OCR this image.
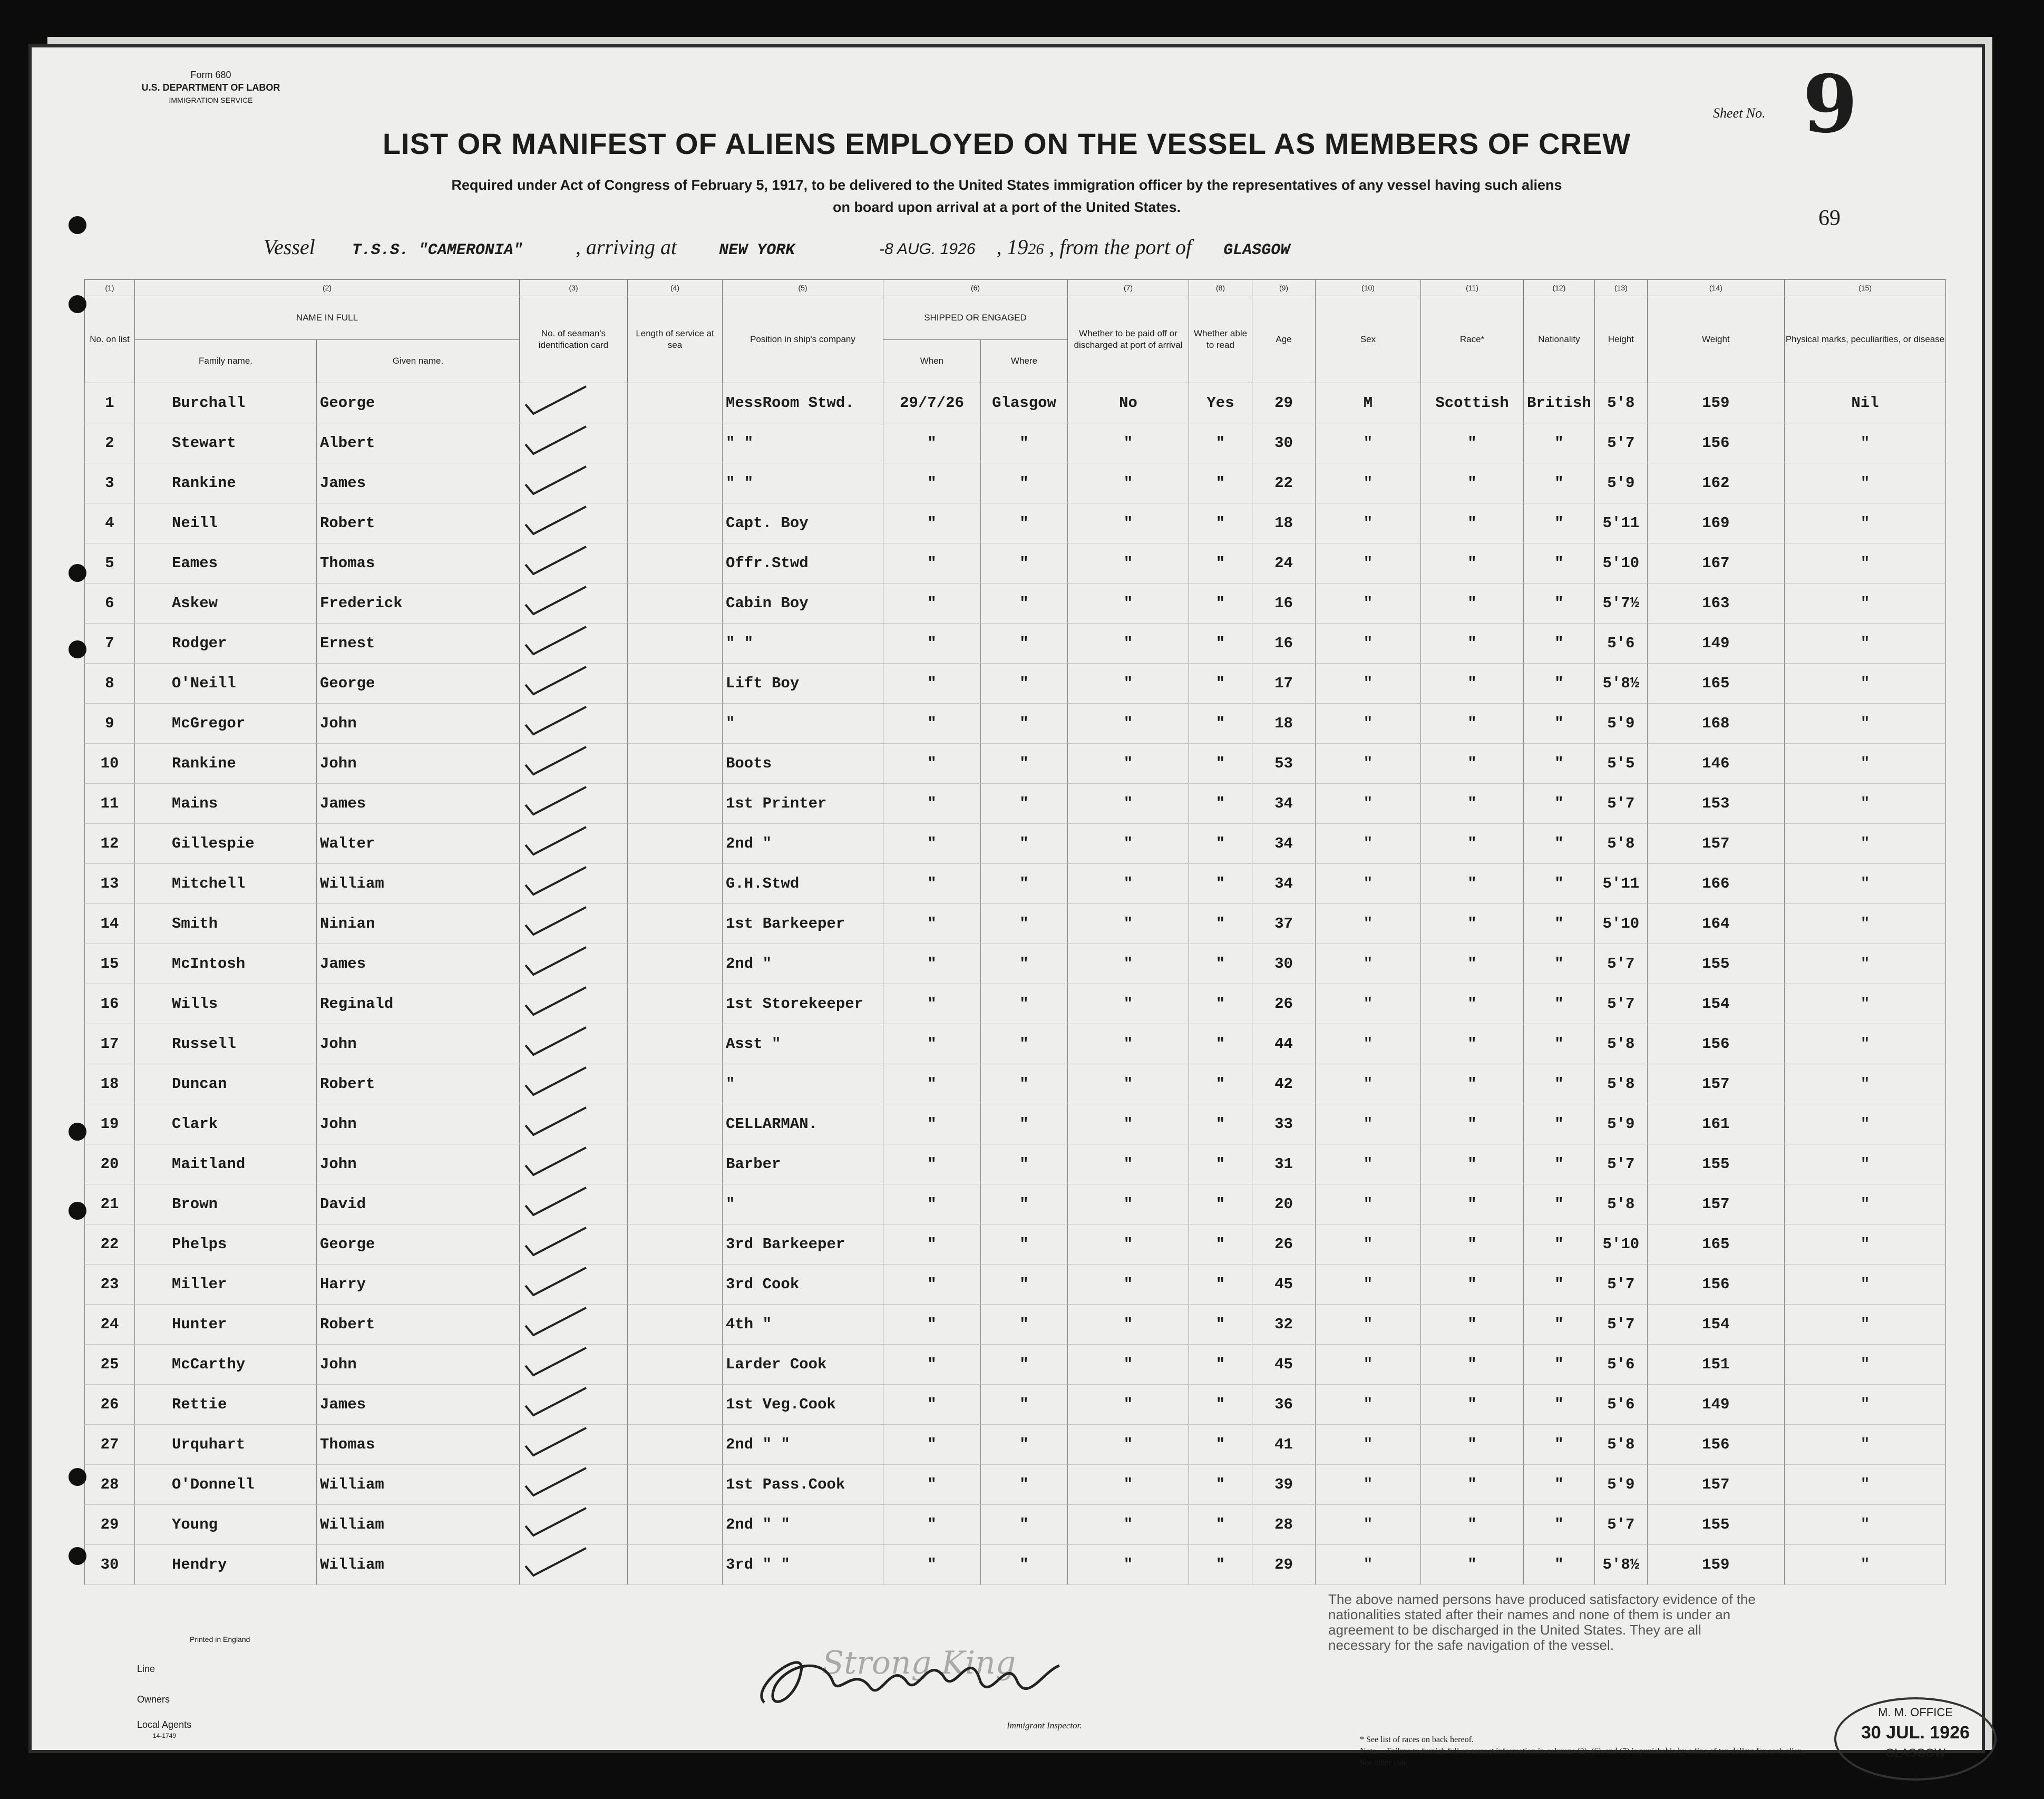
Form 680
U.S. DEPARTMENT OF LABOR
IMMIGRATION SERVICE
Sheet No. 9
69
LIST OR MANIFEST OF ALIENS EMPLOYED ON THE VESSEL AS MEMBERS OF CREW
Required under Act of Congress of February 5, 1917, to be delivered to the United States immigration officer by the representatives of any vessel having such aliens
on board upon arrival at a port of the United States.
Vessel T.S.S. "CAMERONIA"	, arriving at	NEW YORK	-8 AUG. 1926 , 1926 , from the port of GLASGOW
(1)	(2)		(3)	(4)	(5)	(6)		(7)	(8)	(9)	(10)	(11)	(12)	(13)	(14)	(15)
No. on list	NAME IN FULL		No. of seaman's identification card	Length of service at sea	Position in ship's company	SHIPPED OR ENGAGED		Whether to be paid off or discharged at port of arrival	Whether able to read	Age	Sex	Race*	Nationality	Height	Weight	Physical marks, peculiarities, or disease
	Family name.	Given name.				When	Where									
1	Burchall	George			MessRoom Stwd.	29/7/26	Glasgow	No	Yes	29	M	Scottish	British	5'8	159	Nil
2	Stewart	Albert			" "	"	"	"	"	30	"	"	"	5'7	156	"
3	Rankine	James			" "	"	"	"	"	22	"	"	"	5'9	162	"
4	Neill	Robert			Capt. Boy	"	"	"	"	18	"	"	"	5'11	169	"
5	Eames	Thomas			Offr.Stwd	"	"	"	"	24	"	"	"	5'10	167	"
6	Askew	Frederick			Cabin Boy	"	"	"	"	16	"	"	"	5'7½	163	"
7	Rodger	Ernest			" "	"	"	"	"	16	"	"	"	5'6	149	"
8	O'Neill	George			Lift Boy	"	"	"	"	17	"	"	"	5'8½	165	"
9	McGregor	John			"	"	"	"	"	18	"	"	"	5'9	168	"
10	Rankine	John			Boots	"	"	"	"	53	"	"	"	5'5	146	"
11	Mains	James			1st Printer	"	"	"	"	34	"	"	"	5'7	153	"
12	Gillespie	Walter			2nd "	"	"	"	"	34	"	"	"	5'8	157	"
13	Mitchell	William			G.H.Stwd	"	"	"	"	34	"	"	"	5'11	166	"
14	Smith	Ninian			1st Barkeeper	"	"	"	"	37	"	"	"	5'10	164	"
15	McIntosh	James			2nd "	"	"	"	"	30	"	"	"	5'7	155	"
16	Wills	Reginald			1st Storekeeper	"	"	"	"	26	"	"	"	5'7	154	"
17	Russell	John			Asst "	"	"	"	"	44	"	"	"	5'8	156	"
18	Duncan	Robert			"	"	"	"	"	42	"	"	"	5'8	157	"
19	Clark	John			CELLARMAN.	"	"	"	"	33	"	"	"	5'9	161	"
20	Maitland	John			Barber	"	"	"	"	31	"	"	"	5'7	155	"
21	Brown	David			"	"	"	"	"	20	"	"	"	5'8	157	"
22	Phelps	George			3rd Barkeeper	"	"	"	"	26	"	"	"	5'10	165	"
23	Miller	Harry			3rd Cook	"	"	"	"	45	"	"	"	5'7	156	"
24	Hunter	Robert			4th "	"	"	"	"	32	"	"	"	5'7	154	"
25	McCarthy	John			Larder Cook	"	"	"	"	45	"	"	"	5'6	151	"
26	Rettie	James			1st Veg.Cook	"	"	"	"	36	"	"	"	5'6	149	"
27	Urquhart	Thomas			2nd " "	"	"	"	"	41	"	"	"	5'8	156	"
28	O'Donnell	William			1st Pass.Cook	"	"	"	"	39	"	"	"	5'9	157	"
29	Young	William			2nd " "	"	"	"	"	28	"	"	"	5'7	155	"
30	Hendry	William			3rd " "	"	"	"	"	29	"	"	"	5'8½	159	"
Printed in England
Line
Owners
Local Agents
14-1749
Strong King
Immigrant Inspector.
The above named persons have produced satisfactory evidence of the nationalities stated after their names and none of them is under an agreement to be discharged in the United States. They are all necessary for the safe navigation of the vessel.
* See list of races on back hereof.
Note.—Failure to furnish full or correct information in columns (2), (6), and (7) is punishable by a fine of ten dollars for each alien. See other side.
M. M. OFFICE
30 JUL. 1926
GLASGOW
